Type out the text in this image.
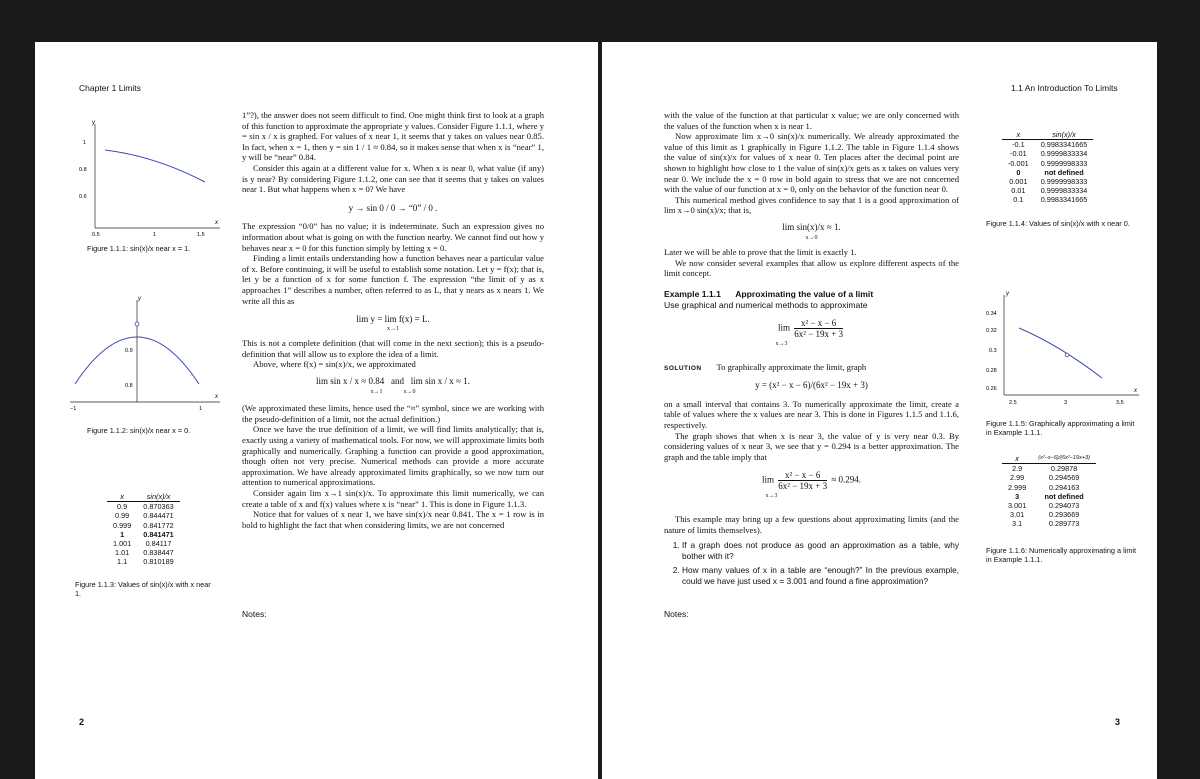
Chapter 1 Limits
y
x
1
0.8
0.6
0.5	1	1.5
Figure 1.1.1: sin(x)/x near x = 1.
y
x
0.9
0.8
−1	1
Figure 1.1.2: sin(x)/x near x = 0.
x	sin(x)/x
0.9	0.870363
0.99	0.844471
0.999	0.841772
1	0.841471
1.001	0.84117
1.01	0.838447
1.1	0.810189
Figure 1.1.3: Values of sin(x)/x with x near 1.

1”?), the answer does not seem difficult to find. One might think first to look at a graph of this function to approximate the appropriate y values. Consider Figure 1.1.1, where y = sin x / x is graphed. For values of x near 1, it seems that y takes on values near 0.85. In fact, when x = 1, then y = sin 1 / 1 ≈ 0.84, so it makes sense that when x is “near” 1, y will be “near” 0.84.

Consider this again at a different value for x. When x is near 0, what value (if any) is y near? By considering Figure 1.1.2, one can see that it seems that y takes on values near 1. But what happens when x = 0? We have

y → sin 0 / 0 → “0” / 0 .

The expression “0/0” has no value; it is indeterminate. Such an expression gives no information about what is going on with the function nearby. We cannot find out how y behaves near x = 0 for this function simply by letting x = 0.

Finding a limit entails understanding how a function behaves near a particular value of x. Before continuing, it will be useful to establish some notation. Let y = f(x); that is, let y be a function of x for some function f. The expression “the limit of y as x approaches 1” describes a number, often referred to as L, that y nears as x nears 1. We write all this as

lim y = lim f(x) = L.
x→1

This is not a complete definition (that will come in the next section); this is a pseudo-definition that will allow us to explore the idea of a limit.

Above, where f(x) = sin(x)/x, we approximated

lim sin x / x ≈ 0.84 and lim sin x / x ≈ 1.
x→1	x→0

(We approximated these limits, hence used the “≈” symbol, since we are working with the pseudo-definition of a limit, not the actual definition.)

Once we have the true definition of a limit, we will find limits analytically; that is, exactly using a variety of mathematical tools. For now, we will approximate limits both graphically and numerically. Graphing a function can provide a good approximation, though often not very precise. Numerical methods can provide a more accurate approximation. We have already approximated limits graphically, so we now turn our attention to numerical approximations.

Consider again lim x→1 sin(x)/x. To approximate this limit numerically, we can create a table of x and f(x) values where x is “near” 1. This is done in Figure 1.1.3.

Notice that for values of x near 1, we have sin(x)/x near 0.841. The x = 1 row is in bold to highlight the fact that when considering limits, we are not concerned

Notes:
2
1.1 An Introduction To Limits

with the value of the function at that particular x value; we are only concerned with the values of the function when x is near 1.

Now approximate lim x→0 sin(x)/x numerically. We already approximated the value of this limit as 1 graphically in Figure 1.1.2. The table in Figure 1.1.4 shows the value of sin(x)/x for values of x near 0. Ten places after the decimal point are shown to highlight how close to 1 the value of sin(x)/x gets as x takes on values very near 0. We include the x = 0 row in bold again to stress that we are not concerned with the value of our function at x = 0, only on the behavior of the function near 0.

This numerical method gives confidence to say that 1 is a good approximation of lim x→0 sin(x)/x; that is,

lim sin(x)/x ≈ 1.
x→0

Later we will be able to prove that the limit is exactly 1.

We now consider several examples that allow us explore different aspects of the limit concept.

Example 1.1.1 Approximating the value of a limit
Use graphical and numerical methods to approximate
$\lim \frac{\text{x² − x − 6}}{\text{6x² − 19x + 3}}$
x→3

SOLUTION To graphically approximate the limit, graph

y = (x² − x − 6)/(6x² − 19x + 3)

on a small interval that contains 3. To numerically approximate the limit, create a table of values where the x values are near 3. This is done in Figures 1.1.5 and 1.1.6, respectively.

The graph shows that when x is near 3, the value of y is very near 0.3. By considering values of x near 3, we see that y = 0.294 is a better approximation. The graph and the table imply that

$\lim \frac{\text{x² − x − 6}}{\text{6x² − 19x + 3}} \approx 0.294$.
x→3

This example may bring up a few questions about approximating limits (and the nature of limits themselves).

1. If a graph does not produce as good an approximation as a table, why bother with it?
2. How many values of x in a table are “enough?” In the previous example, could we have just used x = 3.001 and found a fine approximation?
x	sin(x)/x
-0.1	0.9983341665
-0.01	0.9999833334
-0.001	0.9999998333
0	not defined
0.001	0.9999998333
0.01	0.9999833334
0.1	0.9983341665
Figure 1.1.4: Values of sin(x)/x with x near 0.
y
x
0.34
0.32
0.3
0.28
0.26
2.5	3	3.5
Figure 1.1.5: Graphically approximating a limit in Example 1.1.1.
x	(x²−x−6)/(6x²−19x+3)
2.9	0.29878
2.99	0.294569
2.999	0.294163
3	not defined
3.001	0.294073
3.01	0.293669
3.1	0.289773
Figure 1.1.6: Numerically approximating a limit in Example 1.1.1.
Notes:
3
